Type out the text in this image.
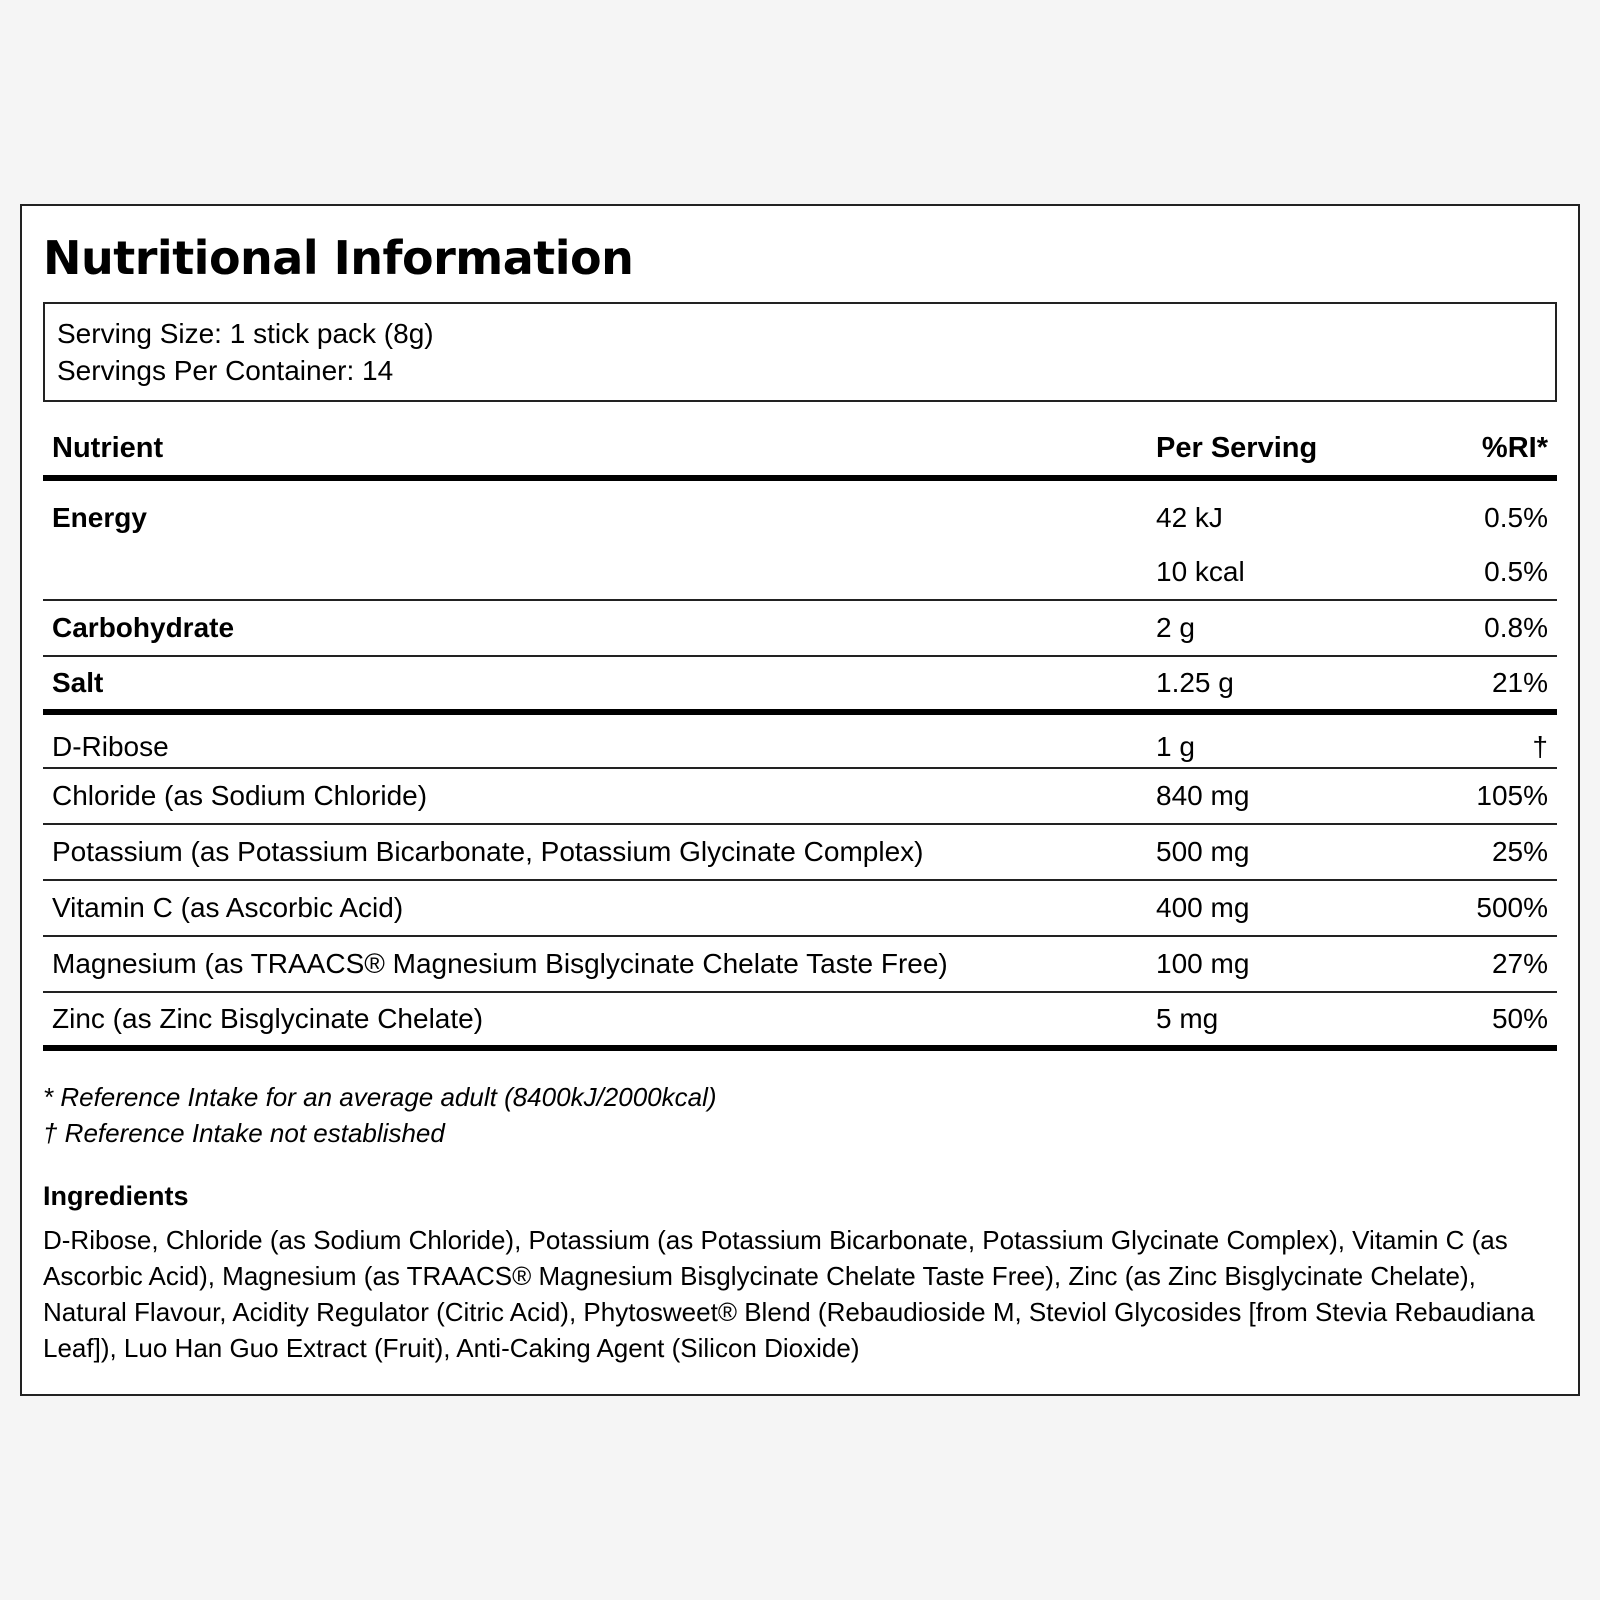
Nutritional Information
Serving Size: 1 stick pack (8g)
Servings Per Container: 14
Nutrient	Per Serving	%RI*
Energy	42 kJ	0.5%
	10 kcal	0.5%
Carbohydrate	2 g	0.8%
Salt	1.25 g	21%
D-Ribose	1 g	†
Chloride (as Sodium Chloride)	840 mg	105%
Potassium (as Potassium Bicarbonate, Potassium Glycinate Complex)	500 mg	25%
Vitamin C (as Ascorbic Acid)	400 mg	500%
Magnesium (as TRAACS® Magnesium Bisglycinate Chelate Taste Free)	100 mg	27%
Zinc (as Zinc Bisglycinate Chelate)	5 mg	50%
* Reference Intake for an average adult (8400kJ/2000kcal)
† Reference Intake not established
Ingredients
D-Ribose, Chloride (as Sodium Chloride), Potassium (as Potassium Bicarbonate, Potassium Glycinate Complex), Vitamin C (as Ascorbic Acid), Magnesium (as TRAACS® Magnesium Bisglycinate Chelate Taste Free), Zinc (as Zinc Bisglycinate Chelate), Natural Flavour, Acidity Regulator (Citric Acid), Phytosweet® Blend (Rebaudioside M, Steviol Glycosides [from Stevia Rebaudiana Leaf]), Luo Han Guo Extract (Fruit), Anti-Caking Agent (Silicon Dioxide)
